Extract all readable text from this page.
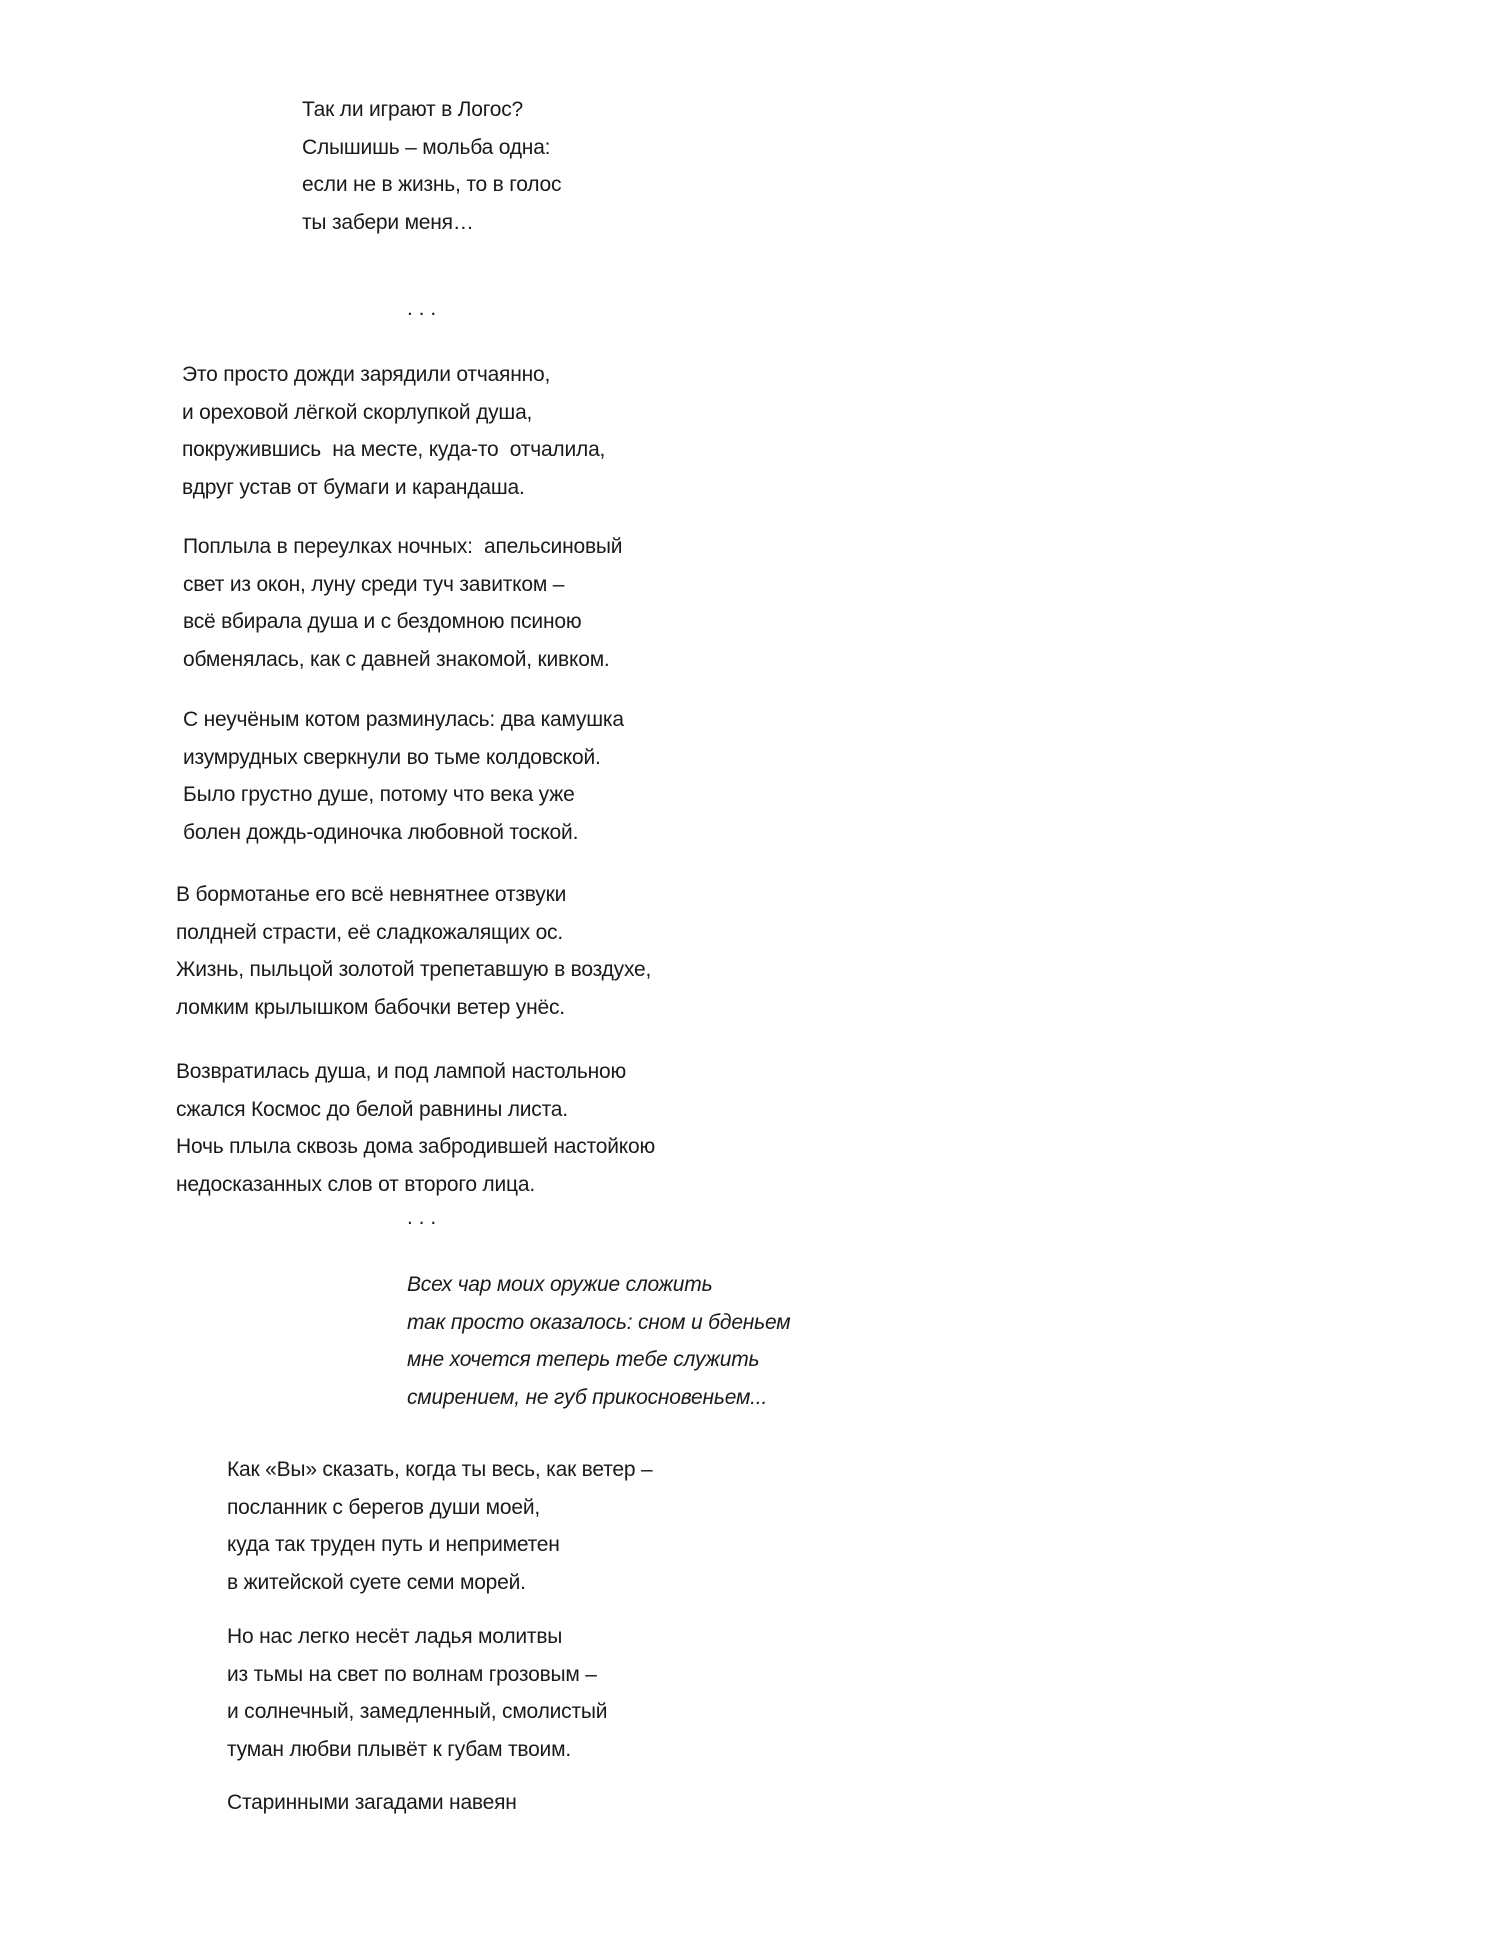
Так ли играют в Логос?
Слышишь – мольба одна:
если не в жизнь, то в голос
ты забери меня…
. . .
Это просто дожди зарядили отчаянно,
и ореховой лёгкой скорлупкой душа,
покружившись  на месте, куда-то  отчалила,
вдруг устав от бумаги и карандаша.
Поплыла в переулках ночных:  апельсиновый
свет из окон, луну среди туч завитком –
всё вбирала душа и с бездомною псиною
обменялась, как с давней знакомой, кивком.
С неучёным котом разминулась: два камушка
изумрудных сверкнули во тьме колдовской.
Было грустно душе, потому что века уже
болен дождь-одиночка любовной тоской.
В бормотанье его всё невнятнее отзвуки
полдней страсти, её сладкожалящих ос.
Жизнь, пыльцой золотой трепетавшую в воздухе,
ломким крылышком бабочки ветер унёс.
Возвратилась душа, и под лампой настольною
сжался Космос до белой равнины листа.
Ночь плыла сквозь дома забродившей настойкою
недосказанных слов от второго лица.
. . .
Всех чар моих оружие сложить
так просто оказалось: сном и бденьем
мне хочется теперь тебе служить
смирением, не губ прикосновеньем...
Как «Вы» сказать, когда ты весь, как ветер –
посланник с берегов души моей,
куда так труден путь и неприметен
в житейской суете семи морей.
Но нас легко несёт ладья молитвы
из тьмы на свет по волнам грозовым –
и солнечный, замедленный, смолистый
туман любви плывёт к губам твоим.
Старинными загадами навеян
